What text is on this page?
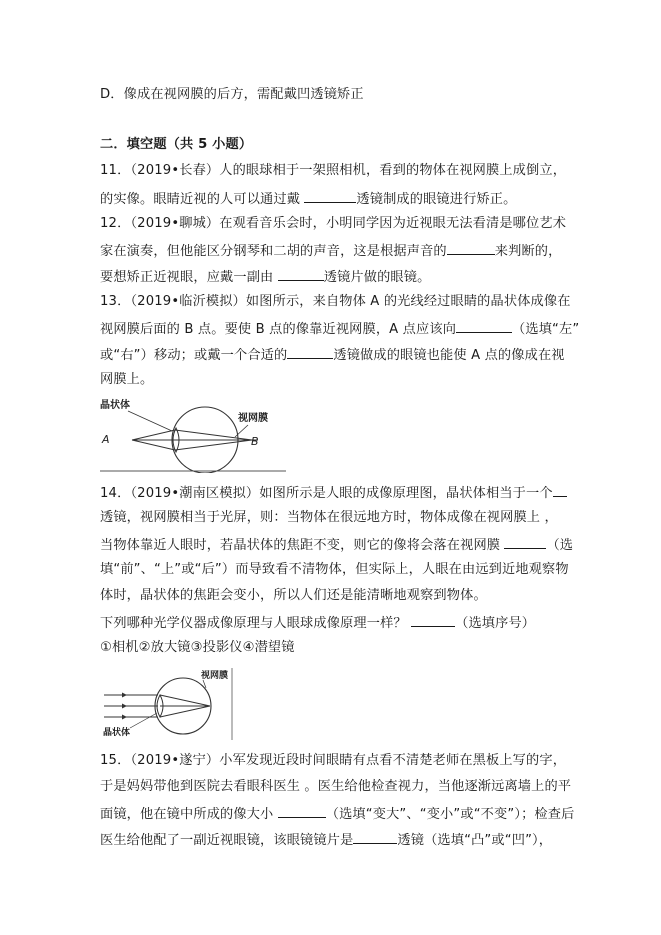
D．像成在视网膜的后方，需配戴凹透镜矫正
二．填空题（共 5 小题）
11．（2019•长春）人的眼球相于一架照相机，看到的物体在视网膜上成倒立，
的实像。眼睛近视的人可以通过戴	透镜制成的眼镜进行矫正。
12．（2019•聊城）在观看音乐会时，小明同学因为近视眼无法看清是哪位艺术
家在演奏，但他能区分钢琴和二胡的声音，这是根据声音的	来判断的，
要想矫正近视眼，应戴一副由	透镜片做的眼镜。
13．（2019•临沂模拟）如图所示，来自物体 A 的光线经过眼睛的晶状体成像在
视网膜后面的 B 点。要使 B 点的像靠近视网膜，A 点应该向	（选填“左”
或“右”）移动；或戴一个合适的	透镜做成的眼镜也能使 A 点的像成在视
网膜上。
晶状体
视网膜
A	B
14．（2019•潮南区模拟）如图所示是人眼的成像原理图，晶状体相当于一个
透镜，视网膜相当于光屏，则：当物体在很远地方时，物体成像在视网膜上 ，
当物体靠近人眼时，若晶状体的焦距不变，则它的像将会落在视网膜	（选
填“前”、“上”或“后”）而导致看不清物体，但实际上，人眼在由远到近地观察物
体时，晶状体的焦距会变小，所以人们还是能清晰地观察到物体。
下列哪种光学仪器成像原理与人眼球成像原理一样？	（选填序号）
①相机②放大镜③投影仪④潜望镜
视网膜
晶状体
15．（2019•遂宁）小军发现近段时间眼睛有点看不清楚老师在黑板上写的字，
于是妈妈带他到医院去看眼科医生 。医生给他检查视力，当他逐渐远离墙上的平
面镜，他在镜中所成的像大小	（选填“变大”、“变小”或“不变”）；检查后
医生给他配了一副近视眼镜，该眼镜镜片是	透镜（选填“凸”或“凹”），
